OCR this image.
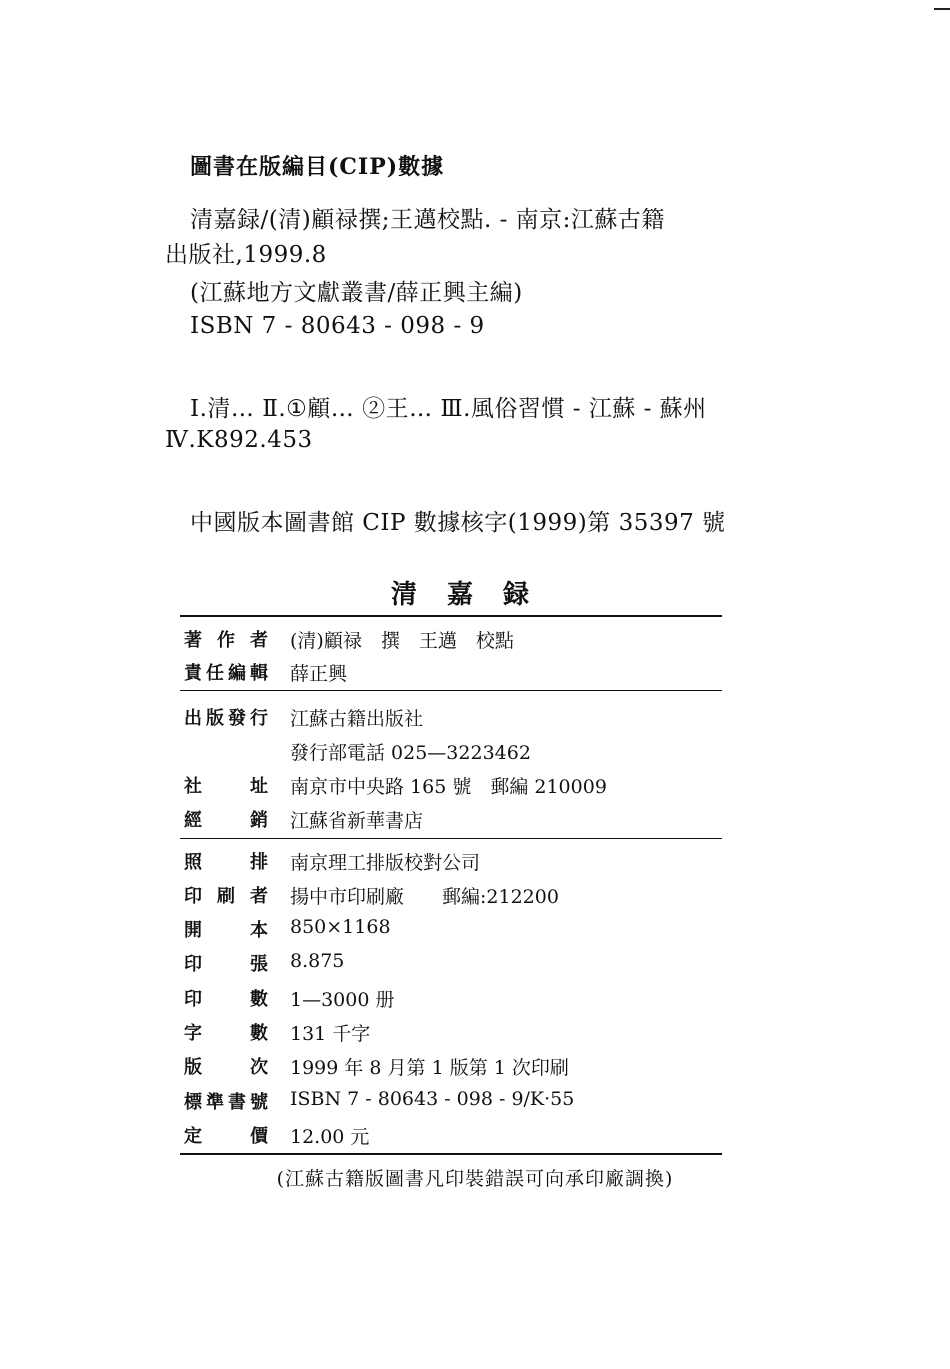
圖書在版編目(CIP)數據
清嘉録/(清)顧禄撰;王邁校點. - 南京:江蘇古籍
出版社,1999.8
(江蘇地方文獻叢書/薛正興主編)
ISBN 7 - 80643 - 098 - 9
Ⅰ.清… Ⅱ.①顧… ②王… Ⅲ.風俗習慣 - 江蘇 - 蘇州
Ⅳ.K892.453
中國版本圖書館 CIP 數據核字(1999)第 35397 號
清嘉録
著 作 者 (清)顧禄　撰　王邁　校點
責 任 編 輯 薛正興
出 版 發 行 江蘇古籍出版社
發行部電話 025—3223462
社	址 南京市中央路 165 號　郵編 210009
經	銷 江蘇省新華書店
照	排 南京理工排版校對公司
印 刷 者 揚中市印刷廠　　郵編:212200
開	本 850×1168
印	張 8.875
印	數 1—3000 册
字	數 131 千字
版	次 1999 年 8 月第 1 版第 1 次印刷
標 準 書 號 ISBN 7 - 80643 - 098 - 9/K·55
定	價 12.00 元
(江蘇古籍版圖書凡印裝錯誤可向承印廠調換)
